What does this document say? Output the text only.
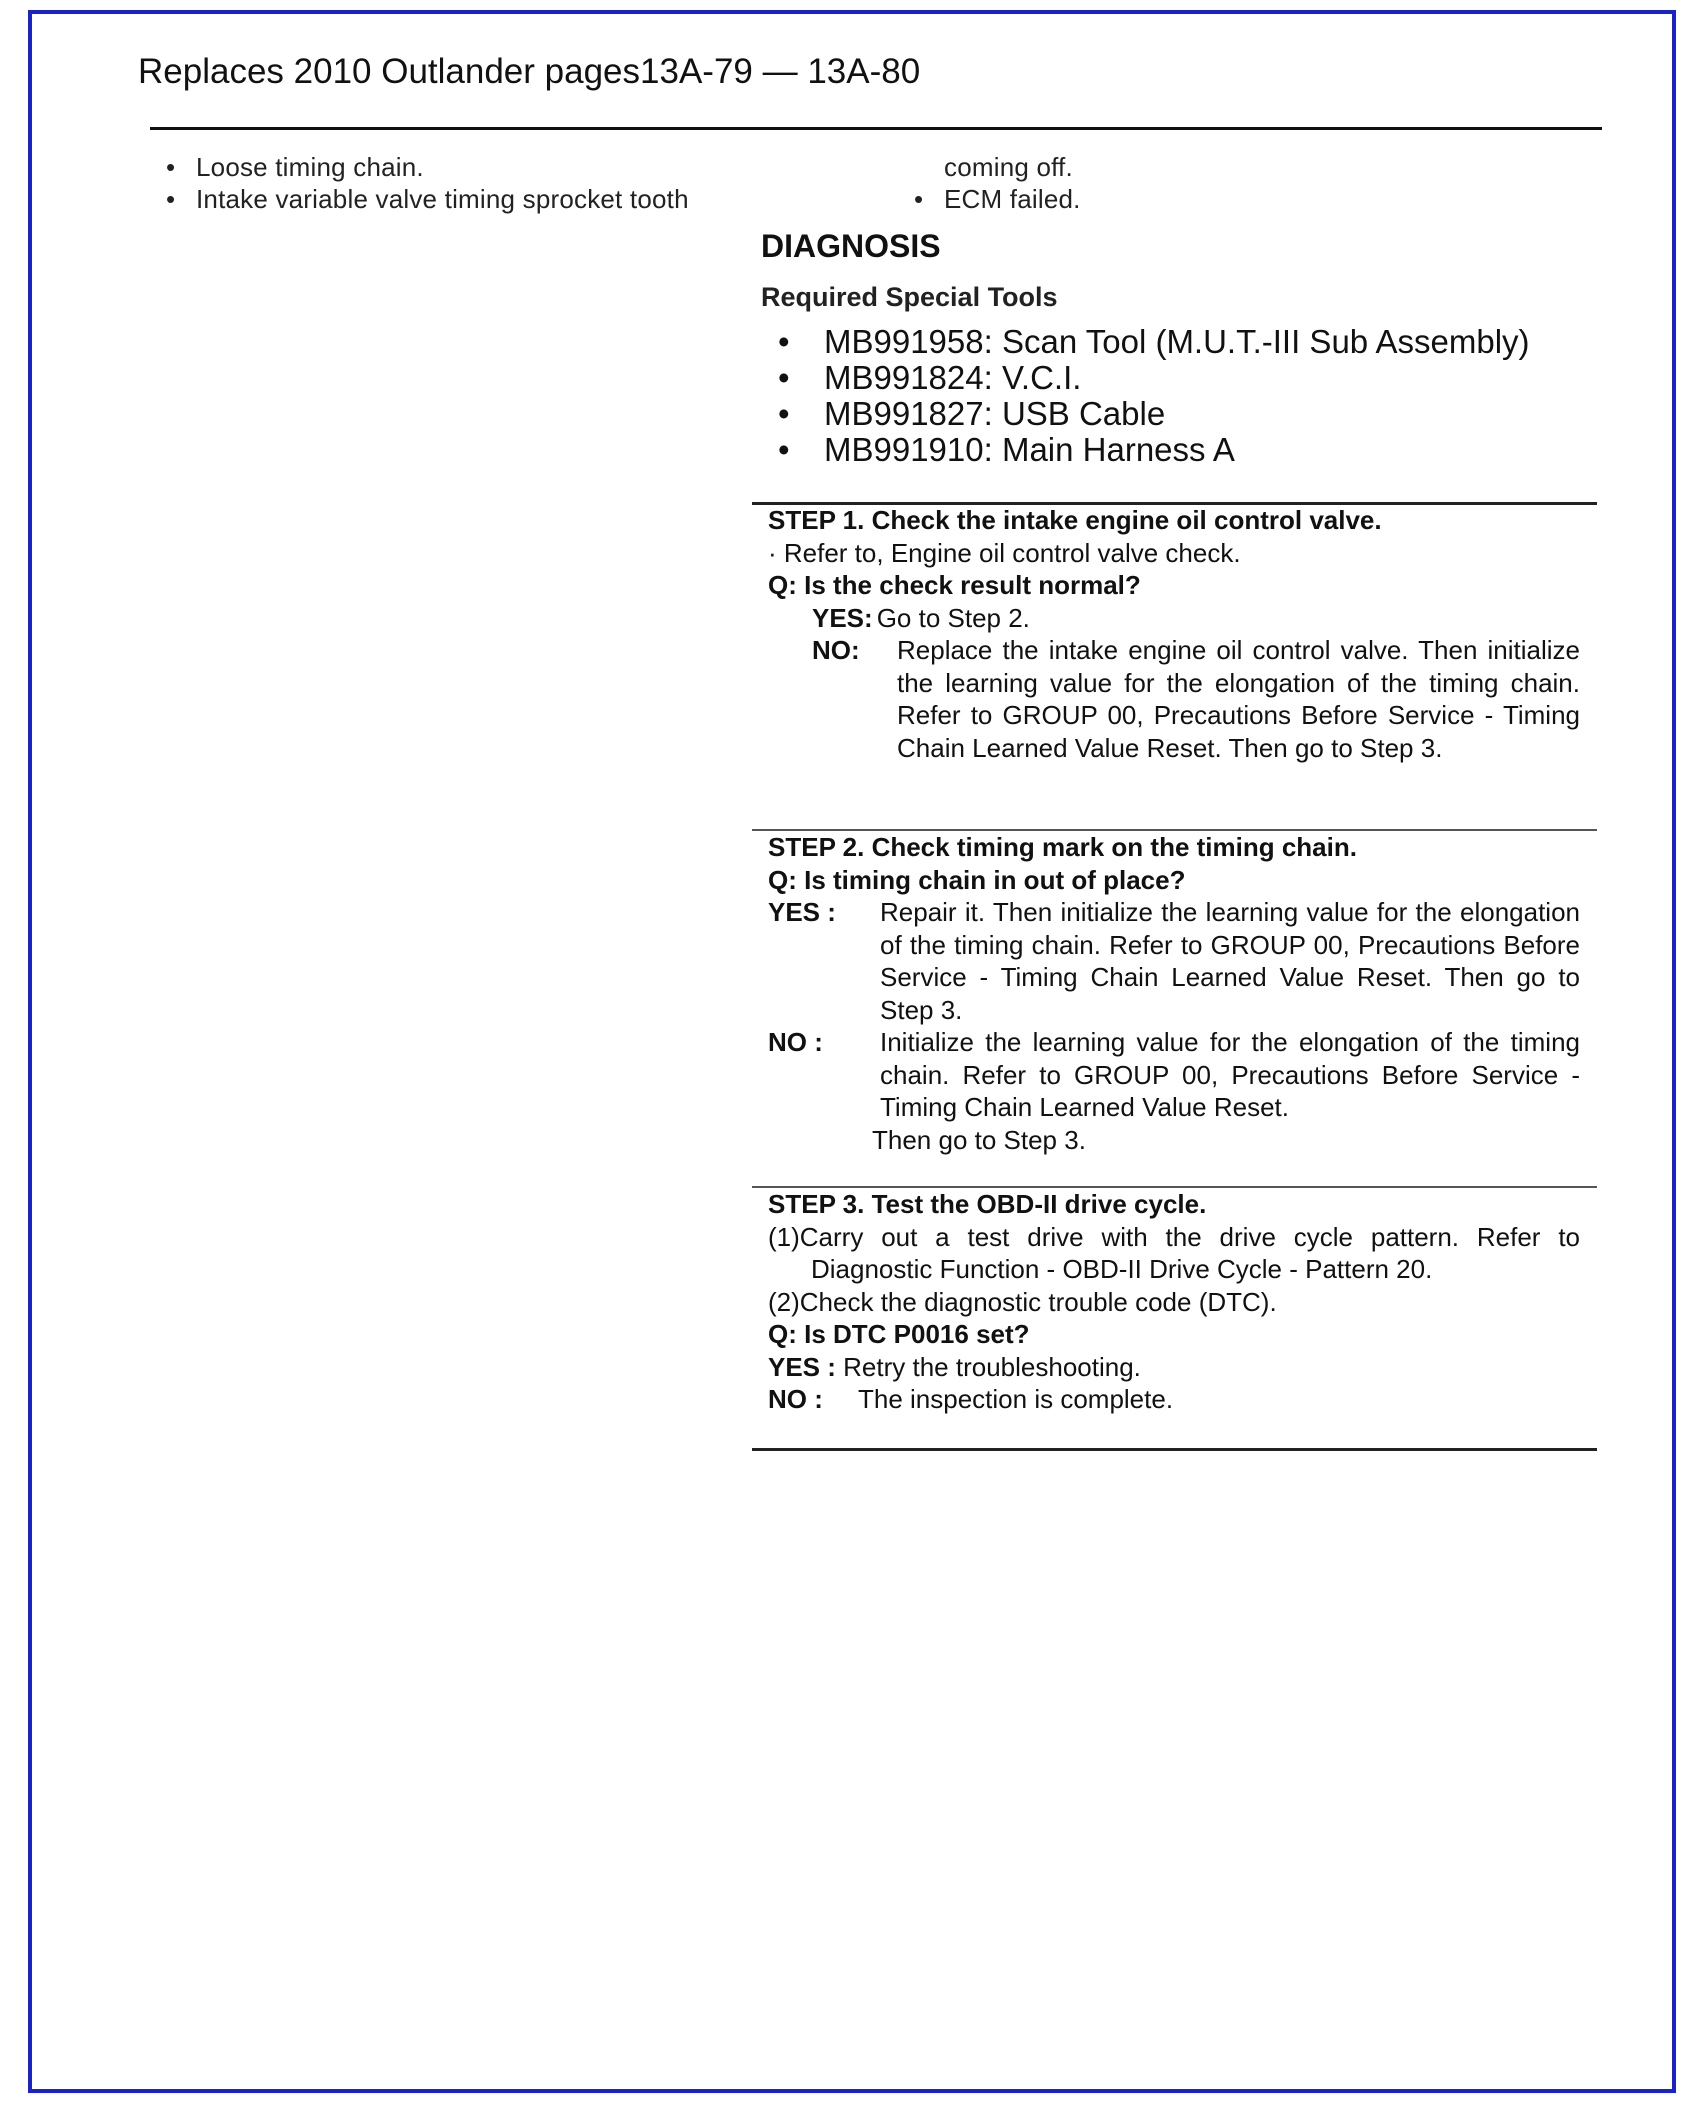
Replaces 2010 Outlander pages13A-79 — 13A-80
• Loose timing chain.
• Intake variable valve timing sprocket tooth
coming off.
• ECM failed.
DIAGNOSIS
Required Special Tools
• MB991958: Scan Tool (M.U.T.-III Sub Assembly)
• MB991824: V.C.I.
• MB991827: USB Cable
• MB991910: Main Harness A
STEP 1. Check the intake engine oil control valve.
· Refer to, Engine oil control valve check.
Q: Is the check result normal?
YES: Go to Step 2.
NO:	Replace the intake engine oil control valve. Then initialize the learning value for the elongation of the timing chain. Refer to GROUP 00, Precautions Before Service - Timing Chain Learned Value Reset. Then go to Step 3.
STEP 2. Check timing mark on the timing chain.
Q: Is timing chain in out of place?
YES :	Repair it. Then initialize the learning value for the elongation of the timing chain. Refer to GROUP 00, Precautions Before Service - Timing Chain Learned Value Reset. Then go to Step 3.
NO :	Initialize the learning value for the elongation of the timing chain. Refer to GROUP 00, Precautions Before Service - Timing Chain Learned Value Reset.
Then go to Step 3.
STEP 3. Test the OBD-II drive cycle.
(1)Carry out a test drive with the drive cycle pattern. Refer to
Diagnostic Function - OBD-II Drive Cycle - Pattern 20.
(2)Check the diagnostic trouble code (DTC).
Q: Is DTC P0016 set?
YES : Retry the troubleshooting.
NO :	The inspection is complete.
